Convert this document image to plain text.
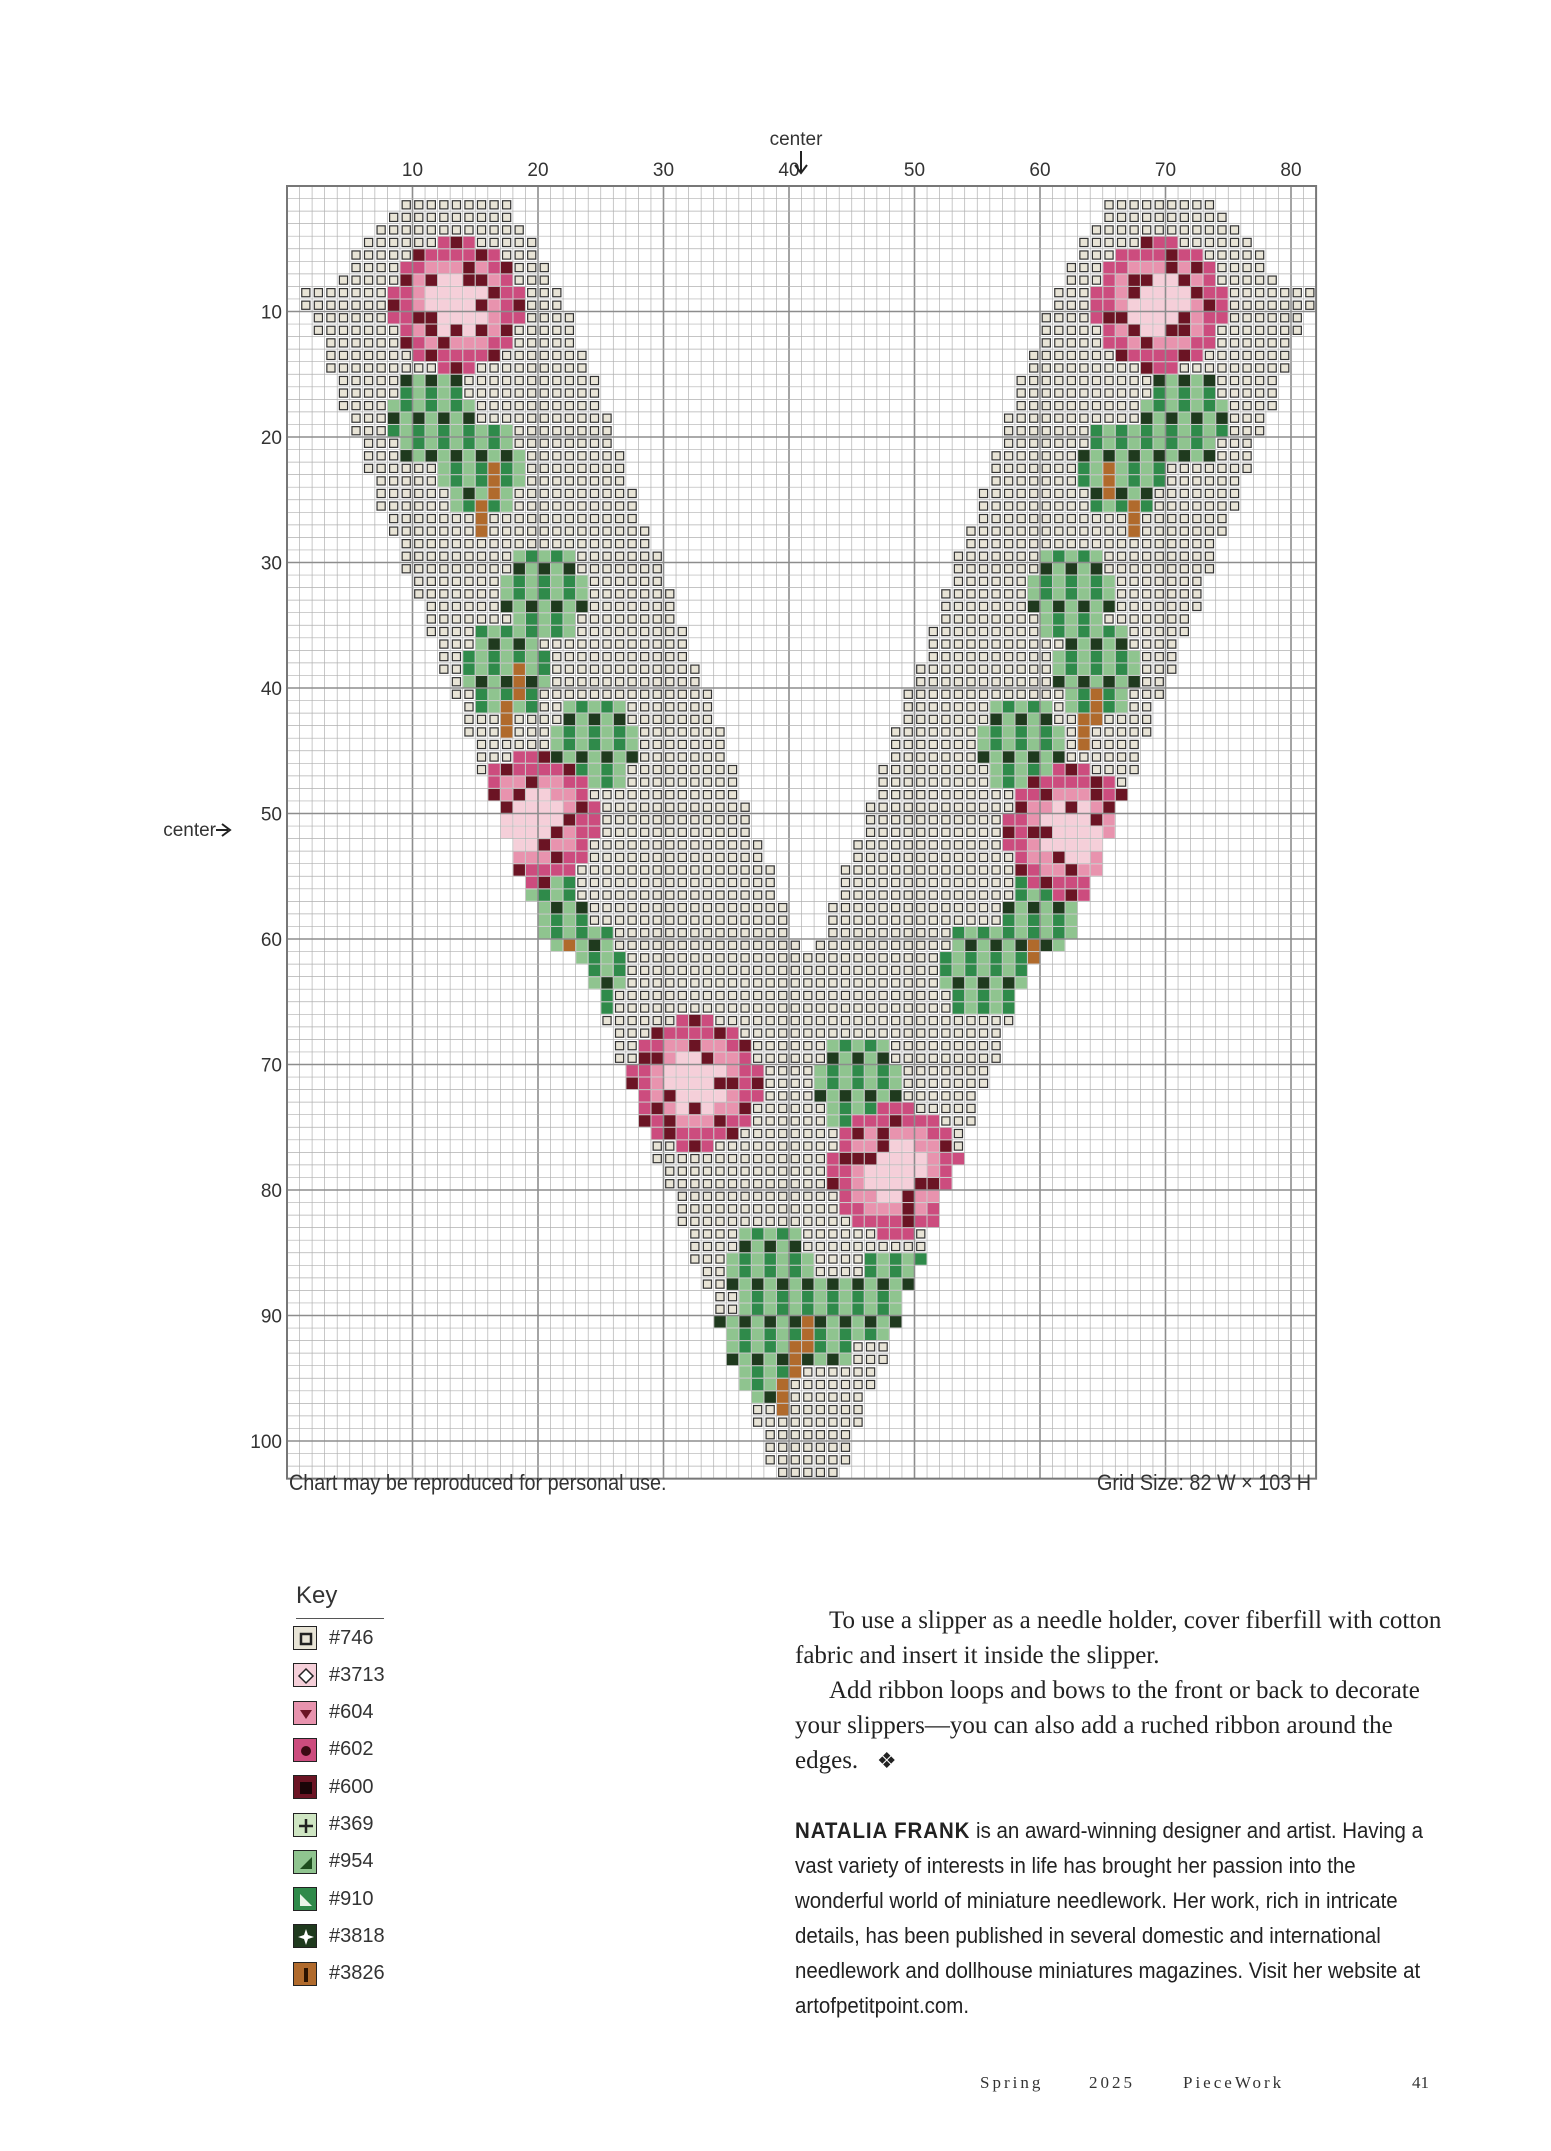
10	20	30	40	50	60	70	80
10
20
30
40
50
60
70
80
90
100
center
center
Chart may be reproduced for personal use.	Grid Size: 82 W × 103 H
Key
#746
#3713
#604
#602
#600
#369
#954
#910
#3818
#3826
To use a slipper as a needle holder, cover fiberfill with cotton fabric and insert it inside the slipper.
Add ribbon loops and bows to the front or back to decorate your slippers—you can also add a ruched ribbon around the edges. ❖
NATALIA FRANK is an award-winning designer and artist. Having a vast variety of interests in life has brought her passion into the wonderful world of miniature needlework. Her work, rich in intricate details, has been published in several domestic and international needlework and dollhouse miniatures magazines. Visit her website at artofpetitpoint.com.
Spring	2025	PieceWork	41
